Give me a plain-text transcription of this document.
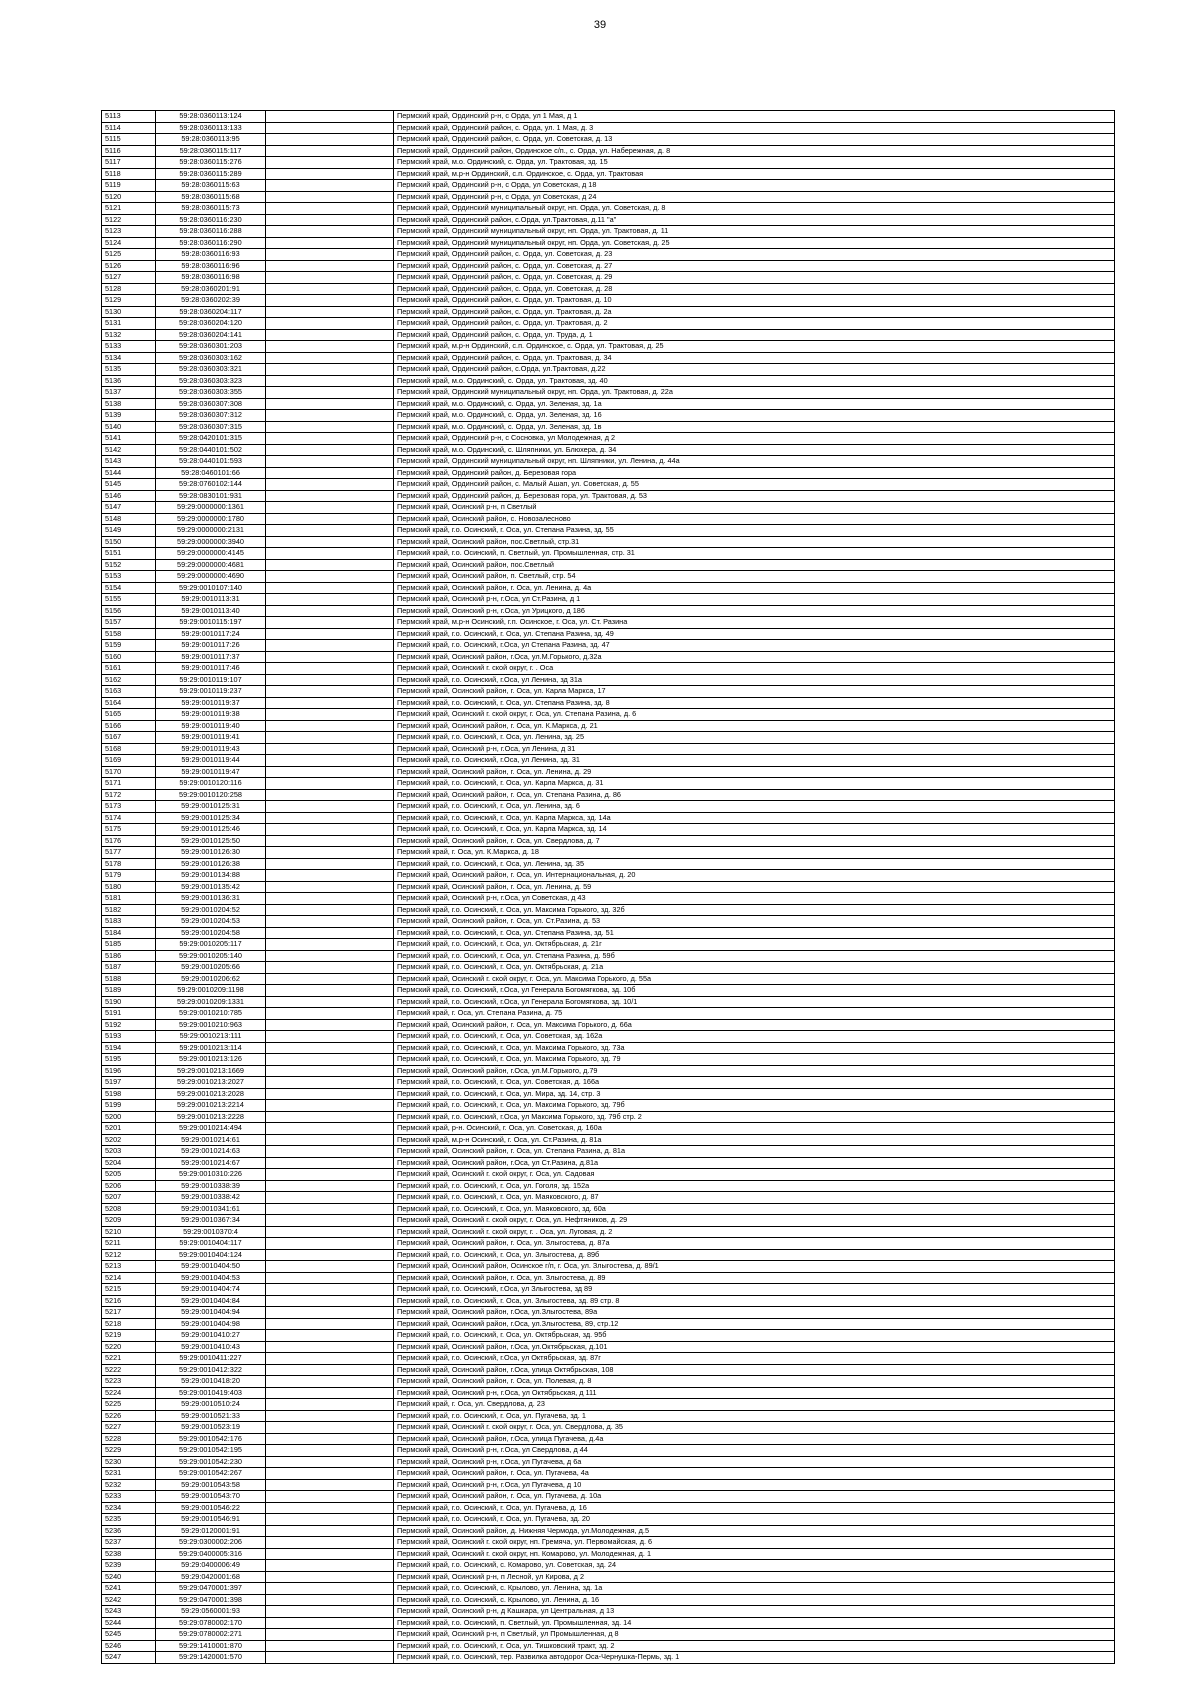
39
5113	59:28:0360113:124		Пермский край, Ординский р-н, с Орда, ул 1 Мая, д 1
5114	59:28:0360113:133		Пермский край, Ординский район, с. Орда, ул. 1 Мая, д. 3
5115	59:28:0360113:95		Пермский край, Ординский район, с. Орда, ул. Советская, д. 13
5116	59:28:0360115:117		Пермский край, Ординский район, Ординское с/п., с. Орда, ул. Набережная, д. 8
5117	59:28:0360115:276		Пермский край, м.о. Ординский, с. Орда, ул. Трактовая, зд. 15
5118	59:28:0360115:289		Пермский край, м.р-н Ординский, с.п. Ординское, с. Орда, ул. Трактовая
5119	59:28:0360115:63		Пермский край, Ординский р-н, с Орда, ул Советская, д 18
5120	59:28:0360115:68		Пермский край, Ординский р-н, с Орда, ул Советская, д 24
5121	59:28:0360115:73		Пермский край, Ординский муниципальный округ, нп. Орда, ул. Советская, д. 8
5122	59:28:0360116:230		Пермский край, Ординский район, с.Орда, ул.Трактовая, д.11 "а"
5123	59:28:0360116:288		Пермский край, Ординский муниципальный округ, нп. Орда, ул. Трактовая, д. 11
5124	59:28:0360116:290		Пермский край, Ординский муниципальный округ, нп. Орда, ул. Советская, д. 25
5125	59:28:0360116:93		Пермский край, Ординский район, с. Орда, ул. Советская, д. 23
5126	59:28:0360116:96		Пермский край, Ординский район, с. Орда, ул. Советская, д. 27
5127	59:28:0360116:98		Пермский край, Ординский район, с. Орда, ул. Советская, д. 29
5128	59:28:0360201:91		Пермский край, Ординский район, с. Орда, ул. Советская, д. 28
5129	59:28:0360202:39		Пермский край, Ординский район, с. Орда, ул. Трактовая, д. 10
5130	59:28:0360204:117		Пермский край, Ординский район, с. Орда, ул. Трактовая, д. 2а
5131	59:28:0360204:120		Пермский край, Ординский район, с. Орда, ул. Трактовая, д. 2
5132	59:28:0360204:141		Пермский край, Ординский район, с. Орда, ул. Труда, д. 1
5133	59:28:0360301:203		Пермский край, м.р-н Ординский, с.п. Ординское, с. Орда, ул. Трактовая, д. 25
5134	59:28:0360303:162		Пермский край, Ординский район, с. Орда, ул. Трактовая, д. 34
5135	59:28:0360303:321		Пермский край, Ординский район, с.Орда, ул.Трактовая, д.22
5136	59:28:0360303:323		Пермский край, м.о. Ординский, с. Орда, ул. Трактовая, зд. 40
5137	59:28:0360303:355		Пермский край, Ординский муниципальный округ, нп. Орда, ул. Трактовая, д. 22а
5138	59:28:0360307:308		Пермский край, м.о. Ординский, с. Орда, ул. Зеленая, зд. 1а
5139	59:28:0360307:312		Пермский край, м.о. Ординский, с. Орда, ул. Зеленая, зд. 16
5140	59:28:0360307:315		Пермский край, м.о. Ординский, с. Орда, ул. Зеленая, зд. 1в
5141	59:28:0420101:315		Пермский край, Ординский р-н, с Сосновка, ул Молодежная, д 2
5142	59:28:0440101:502		Пермский край, м.о. Ординский, с. Шляпники, ул. Блюхера, д. 34
5143	59:28:0440101:593		Пермский край, Ординский муниципальный округ, нп. Шляпники, ул. Ленина, д. 44а
5144	59:28:0460101:66		Пермский край, Ординский район, д. Березовая гора
5145	59:28:0760102:144		Пермский край, Ординский район, с. Малый Ашап, ул. Советская, д. 55
5146	59:28:0830101:931		Пермский край, Ординский район, д. Березовая гора, ул. Трактовая, д. 53
5147	59:29:0000000:1361		Пермский край, Осинский р-н, п Светлый
5148	59:29:0000000:1780		Пермский край, Осинский район, с. Новозалесново
5149	59:29:0000000:2131		Пермский край, г.о. Осинский, г. Оса, ул. Степана Разина, зд. 55
5150	59:29:0000000:3940		Пермский край, Осинский район, пос.Светлый, стр.31
5151	59:29:0000000:4145		Пермский край, г.о. Осинский, п. Светлый, ул. Промышленная, стр. 31
5152	59:29:0000000:4681		Пермский край, Осинский район, пос.Светлый
5153	59:29:0000000:4690		Пермский край, Осинский район, п. Светлый, стр. 54
5154	59:29:0010107:140		Пермский край, Осинский район, г. Оса, ул. Ленина, д. 4а
5155	59:29:0010113:31		Пермский край, Осинский р-н, г.Оса, ул Ст.Разина, д 1
5156	59:29:0010113:40		Пермский край, Осинский р-н, г.Оса, ул Урицкого, д 186
5157	59:29:0010115:197		Пермский край, м.р-н Осинский, г.п. Осинское, г. Оса, ул. Ст. Разина
5158	59:29:0010117:24		Пермский край, г.о. Осинский, г. Оса, ул. Степана Разина, зд. 49
5159	59:29:0010117:26		Пермский край, г.о. Осинский, г.Оса, ул Степана Разина, зд. 47
5160	59:29:0010117:37		Пермский край, Осинский район, г.Оса, ул.М.Горького, д.32а
5161	59:29:0010117:46		Пермский край, Осинский г. ской округ, г. . Оса
5162	59:29:0010119:107		Пермский край, г.о. Осинский, г.Оса, ул Ленина, зд 31а
5163	59:29:0010119:237		Пермский край, Осинский район, г. Оса, ул. Карла Маркса, 17
5164	59:29:0010119:37		Пермский край, г.о. Осинский, г. Оса, ул. Степана Разина, зд. 8
5165	59:29:0010119:38		Пермский край, Осинский г. ской округ, г. Оса, ул. Степана Разина, д. 6
5166	59:29:0010119:40		Пермский край, Осинский район, г. Оса, ул. К.Маркса, д. 21
5167	59:29:0010119:41		Пермский край, г.о. Осинский, г. Оса, ул. Ленина, зд. 25
5168	59:29:0010119:43		Пермский край, Осинский р-н, г.Оса, ул Ленина, д 31
5169	59:29:0010119:44		Пермский край, г.о. Осинский, г.Оса, ул Ленина, зд. 31
5170	59:29:0010119:47		Пермский край, Осинский район, г. Оса, ул. Ленина, д. 29
5171	59:29:0010120:116		Пермский край, г.о. Осинский, г. Оса, ул. Карла Маркса, д. 31
5172	59:29:0010120:258		Пермский край, Осинский район, г. Оса, ул. Степана Разина, д. 86
5173	59:29:0010125:31		Пермский край, г.о. Осинский, г. Оса, ул. Ленина, зд. 6
5174	59:29:0010125:34		Пермский край, г.о. Осинский, г. Оса, ул. Карла Маркса, зд. 14а
5175	59:29:0010125:46		Пермский край, г.о. Осинский, г. Оса, ул. Карла Маркса, зд. 14
5176	59:29:0010125:50		Пермский край, Осинский район, г. Оса, ул. Свердлова, д. 7
5177	59:29:0010126:30		Пермский край, г. Оса, ул. К.Маркса, д. 18
5178	59:29:0010126:38		Пермский край, г.о. Осинский, г. Оса, ул. Ленина, зд. 35
5179	59:29:0010134:88		Пермский край, Осинский район, г. Оса, ул. Интернациональная, д. 20
5180	59:29:0010135:42		Пермский край, Осинский район, г. Оса, ул. Ленина, д. 59
5181	59:29:0010136:31		Пермский край, Осинский р-н, г.Оса, ул Советская, д 43
5182	59:29:0010204:52		Пермский край, г.о. Осинский, г. Оса, ул. Максима Горького, зд. 32б
5183	59:29:0010204:53		Пермский край, Осинский район, г. Оса, ул. Ст.Разина, д. 53
5184	59:29:0010204:58		Пермский край, г.о. Осинский, г. Оса, ул. Степана Разина, зд. 51
5185	59:29:0010205:117		Пермский край, г.о. Осинский, г. Оса, ул. Октябрьская, д. 21г
5186	59:29:0010205:140		Пермский край, г.о. Осинский, г. Оса, ул. Степана Разина, д. 59б
5187	59:29:0010205:66		Пермский край, г.о. Осинский, г. Оса, ул. Октябрьская, д. 21а
5188	59:29:0010206:62		Пермский край, Осинский г. ской округ, г. Оса, ул. Максима Горького, д. 55а
5189	59:29:0010209:1198		Пермский край, г.о. Осинский, г.Оса, ул Генерала Богомягкова, зд. 10б
5190	59:29:0010209:1331		Пермский край, г.о. Осинский, г.Оса, ул Генерала Богомягкова, зд. 10/1
5191	59:29:0010210:785		Пермский край, г. Оса, ул. Степана Разина, д. 75
5192	59:29:0010210:963		Пермский край, Осинский район, г. Оса, ул. Максима Горького, д. 66а
5193	59:29:0010213:111		Пермский край, г.о. Осинский, г. Оса, ул. Советская, зд. 162а
5194	59:29:0010213:114		Пермский край, г.о. Осинский, г. Оса, ул. Максима Горького, зд. 73а
5195	59:29:0010213:126		Пермский край, г.о. Осинский, г. Оса, ул. Максима Горького, зд. 79
5196	59:29:0010213:1669		Пермский край, Осинский район, г.Оса, ул.М.Горького, д.79
5197	59:29:0010213:2027		Пермский край, г.о. Осинский, г. Оса, ул. Советская, д. 166а
5198	59:29:0010213:2028		Пермский край, г.о. Осинский, г. Оса, ул. Мира, зд. 14, стр. 3
5199	59:29:0010213:2214		Пермский край, г.о. Осинский, г. Оса, ул. Максима Горького, зд. 79б
5200	59:29:0010213:2228		Пермский край, г.о. Осинский, г.Оса, ул Максима Горького, зд. 79б стр. 2
5201	59:29:0010214:494		Пермский край, р-н. Осинский, г. Оса, ул. Советская, д. 160а
5202	59:29:0010214:61		Пермский край, м.р-н Осинский, г. Оса, ул. Ст.Разина, д. 81а
5203	59:29:0010214:63		Пермский край, Осинский район, г. Оса, ул. Степана Разина, д. 81а
5204	59:29:0010214:67		Пермский край, Осинский район, г.Оса, ул Ст.Разина, д.81а
5205	59:29:0010310:226		Пермский край, Осинский г. ской округ, г. Оса, ул. Садовая
5206	59:29:0010338:39		Пермский край, г.о. Осинский, г. Оса, ул. Гоголя, зд. 152а
5207	59:29:0010338:42		Пермский край, г.о. Осинский, г. Оса, ул. Маяковского, д. 87
5208	59:29:0010341:61		Пермский край, г.о. Осинский, г. Оса, ул. Маяковского, зд. 60а
5209	59:29:0010367:34		Пермский край, Осинский г. ской округ, г. Оса, ул. Нефтяников, д. 29
5210	59:29:0010370:4		Пермский край, Осинский г. ской округ, г. . Оса, ул. Луговая, д. 2
5211	59:29:0010404:117		Пермский край, Осинский район, г. Оса, ул. Злыгостева, д. 87а
5212	59:29:0010404:124		Пермский край, г.о. Осинский, г. Оса, ул. Злыгостева, д. 89б
5213	59:29:0010404:50		Пермский край, Осинский район, Осинское г/п, г. Оса, ул. Злыгостева, д. 89/1
5214	59:29:0010404:53		Пермский край, Осинский район, г. Оса, ул. Злыгостева, д. 89
5215	59:29:0010404:74		Пермский край, г.о. Осинский, г.Оса, ул Злыгостева, зд 89
5216	59:29:0010404:84		Пермский край, г.о. Осинский, г. Оса, ул. Злыгостева, зд. 89 стр. 8
5217	59:29:0010404:94		Пермский край, Осинский район, г.Оса, ул.Злыгостева, 89а
5218	59:29:0010404:98		Пермский край, Осинский район, г.Оса, ул.Злыгостева, 89, стр.12
5219	59:29:0010410:27		Пермский край, г.о. Осинский, г. Оса, ул. Октябрьская, зд. 95б
5220	59:29:0010410:43		Пермский край, Осинский район, г.Оса, ул.Октябрьская, д.101
5221	59:29:0010411:227		Пермский край, г.о. Осинский, г.Оса, ул Октябрьская, зд. 87г
5222	59:29:0010412:322		Пермский край, Осинский район, г.Оса, улица Октябрьская, 108
5223	59:29:0010418:20		Пермский край, Осинский район, г. Оса, ул. Полевая, д. 8
5224	59:29:0010419:403		Пермский край, Осинский р-н, г.Оса, ул Октябрьская, д 111
5225	59:29:0010510:24		Пермский край, г. Оса, ул. Свердлова, д. 23
5226	59:29:0010521:33		Пермский край, г.о. Осинский, г. Оса, ул. Пугачева, зд. 1
5227	59:29:0010523:19		Пермский край, Осинский г. ской округ, г. Оса, ул. Свердлова, д. 35
5228	59:29:0010542:176		Пермский край, Осинский район, г.Оса, улица Пугачева, д.4а
5229	59:29:0010542:195		Пермский край, Осинский р-н, г.Оса, ул Свердлова, д 44
5230	59:29:0010542:230		Пермский край, Осинский р-н, г.Оса, ул Пугачева, д 6а
5231	59:29:0010542:267		Пермский край, Осинский район, г. Оса, ул. Пугачева, 4а
5232	59:29:0010543:58		Пермский край, Осинский р-н, г.Оса, ул Пугачева, д 10
5233	59:29:0010543:70		Пермский край, Осинский район, г. Оса, ул. Пугачева, д. 10а
5234	59:29:0010546:22		Пермский край, г.о. Осинский, г. Оса, ул. Пугачева, д. 16
5235	59:29:0010546:91		Пермский край, г.о. Осинский, г. Оса, ул. Пугачева, зд. 20
5236	59:29:0120001:91		Пермский край, Осинский район, д. Нижняя Чермода, ул.Молодежная, д.5
5237	59:29:0300002:206		Пермский край, Осинский г. ской округ, нп. Гремяча, ул. Первомайская, д. 6
5238	59:29:0400005:316		Пермский край, Осинский г. ской округ, нп. Комарово, ул. Молодежная, д. 1
5239	59:29:0400006:49		Пермский край, г.о. Осинский, с. Комарово, ул. Советская, зд. 24
5240	59:29:0420001:68		Пермский край, Осинский р-н, п Лесной, ул Кирова, д 2
5241	59:29:0470001:397		Пермский край, г.о. Осинский, с. Крылово, ул. Ленина, зд. 1а
5242	59:29:0470001:398		Пермский край, г.о. Осинский, с. Крылово, ул. Ленина, д. 16
5243	59:29:0560001:93		Пермский край, Осинский р-н, д Кашкара, ул Центральная, д 13
5244	59:29:0780002:170		Пермский край, г.о. Осинский, п. Светлый, ул. Промышленная, зд. 14
5245	59:29:0780002:271		Пермский край, Осинский р-н, п Светлый, ул Промышленная, д 8
5246	59:29:1410001:870		Пермский край, г.о. Осинский, г. Оса, ул. Тишковский тракт, зд. 2
5247	59:29:1420001:570		Пермский край, г.о. Осинский, тер. Развилка автодорог Оса-Чернушка-Пермь, зд. 1
